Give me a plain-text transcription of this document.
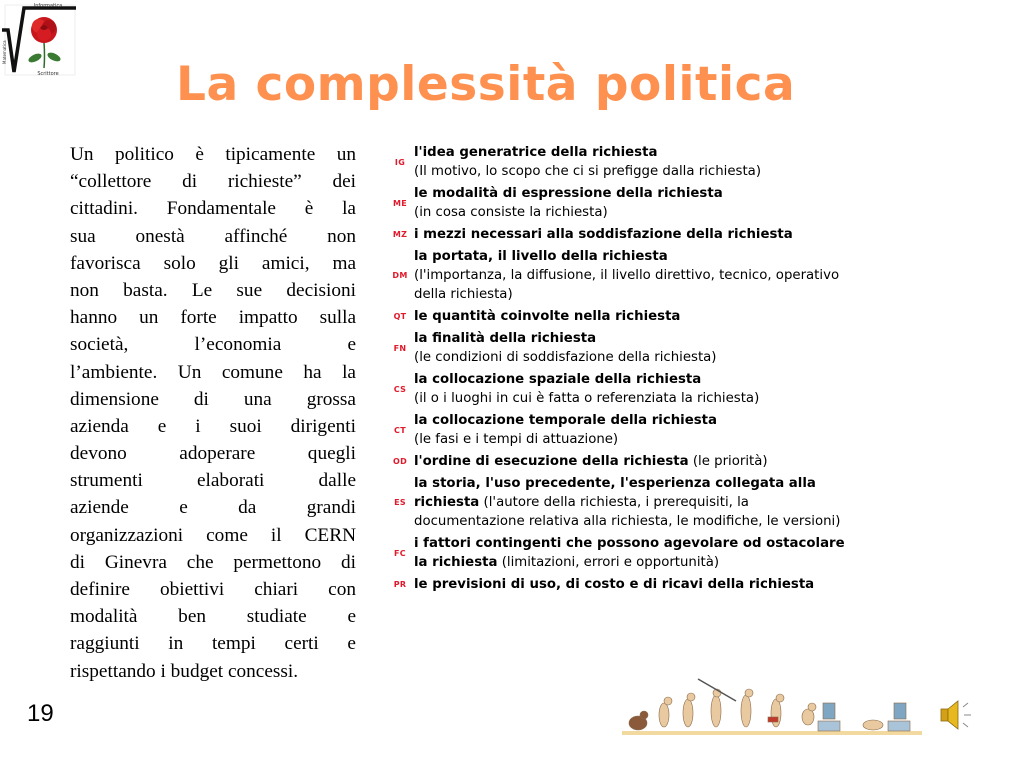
Informatica
Scrittore
Matematica
La complessità politica
Un politico è tipicamente un
“collettore di richieste” dei
cittadini. Fondamentale è la
sua onestà affinché non
favorisca solo gli amici, ma
non basta. Le sue decisioni
hanno un forte impatto sulla
società, l’economia e
l’ambiente. Un comune ha la
dimensione di una grossa
azienda e i suoi dirigenti
devono adoperare quegli
strumenti elaborati dalle
aziende e da grandi
organizzazioni come il CERN
di Ginevra che permettono di
definire obiettivi chiari con
modalità ben studiate e
raggiunti in tempi certi e
rispettando i budget concessi.
IG
l'idea generatrice della richiesta
(Il motivo, lo scopo che ci si prefigge dalla richiesta)
ME
le modalità di espressione della richiesta
(in cosa consiste la richiesta)
MZ i mezzi necessari alla soddisfazione della richiesta
DM
la portata, il livello della richiesta
(l'importanza, la diffusione, il livello direttivo, tecnico, operativo della richiesta)
QT le quantità coinvolte nella richiesta
FN
la finalità della richiesta
(le condizioni di soddisfazione della richiesta)
CS
la collocazione spaziale della richiesta
(il o i luoghi in cui è fatta o referenziata la richiesta)
CT
la collocazione temporale della richiesta
(le fasi e i tempi di attuazione)
OD l'ordine di esecuzione della richiesta (le priorità)
ES
la storia, l'uso precedente, l'esperienza collegata alla richiesta (l'autore della richiesta, i prerequisiti, la documentazione relativa alla richiesta, le modifiche, le versioni)
FC
i fattori contingenti che possono agevolare od ostacolare la richiesta (limitazioni, errori e opportunità)
PR le previsioni di uso, di costo e di ricavi della richiesta
19
